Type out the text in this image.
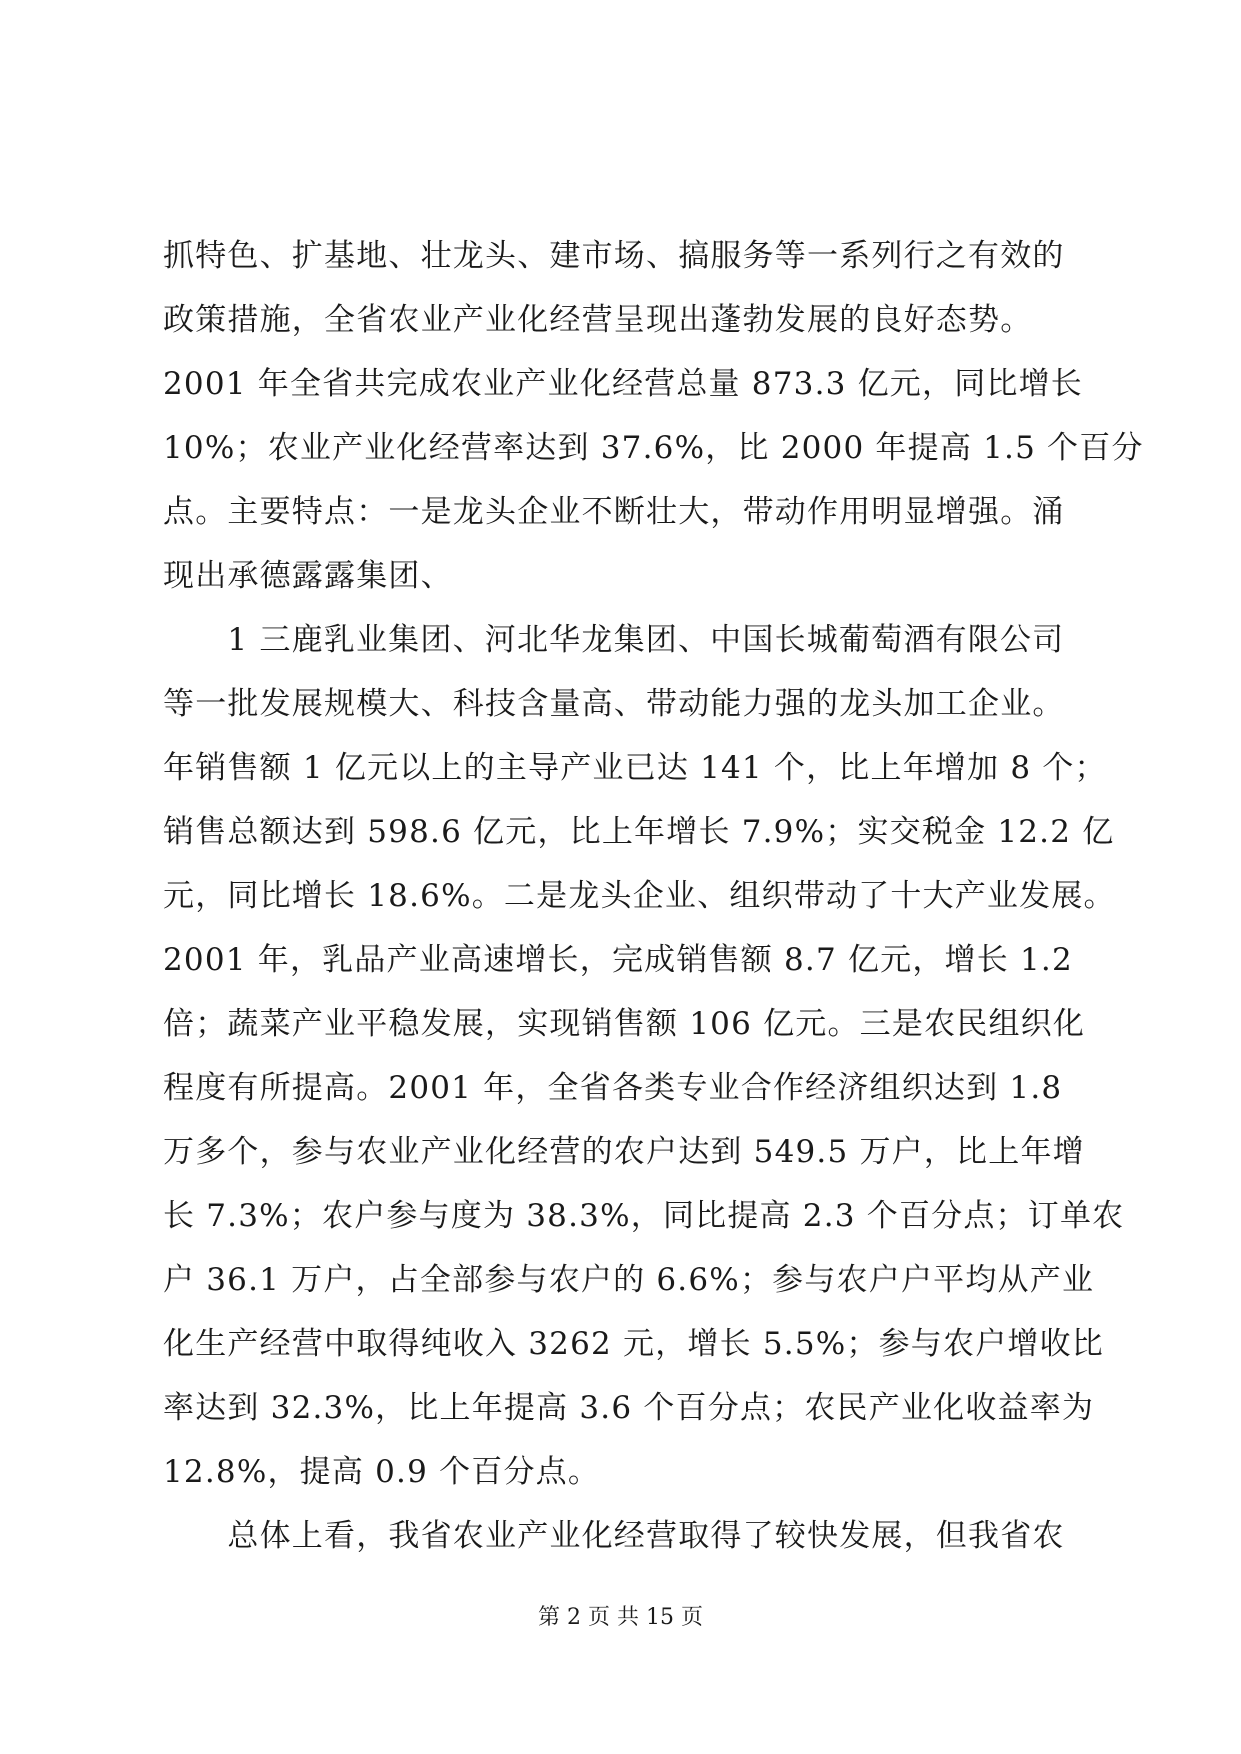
抓特色、扩基地、壮龙头、建市场、搞服务等一系列行之有效的
政策措施，全省农业产业化经营呈现出蓬勃发展的良好态势。
2001 年全省共完成农业产业化经营总量 873.3 亿元，同比增长
10%；农业产业化经营率达到 37.6%，比 2000 年提高 1.5 个百分
点。主要特点：一是龙头企业不断壮大，带动作用明显增强。涌
现出承德露露集团、
　　1 三鹿乳业集团、河北华龙集团、中国长城葡萄酒有限公司
等一批发展规模大、科技含量高、带动能力强的龙头加工企业。
年销售额 1 亿元以上的主导产业已达 141 个，比上年增加 8 个；
销售总额达到 598.6 亿元，比上年增长 7.9%；实交税金 12.2 亿
元，同比增长 18.6%。二是龙头企业、组织带动了十大产业发展。
2001 年，乳品产业高速增长，完成销售额 8.7 亿元，增长 1.2
倍；蔬菜产业平稳发展，实现销售额 106 亿元。三是农民组织化
程度有所提高。2001 年，全省各类专业合作经济组织达到 1.8
万多个，参与农业产业化经营的农户达到 549.5 万户，比上年增
长 7.3%；农户参与度为 38.3%，同比提高 2.3 个百分点；订单农
户 36.1 万户，占全部参与农户的 6.6%；参与农户户平均从产业
化生产经营中取得纯收入 3262 元，增长 5.5%；参与农户增收比
率达到 32.3%，比上年提高 3.6 个百分点；农民产业化收益率为
12.8%，提高 0.9 个百分点。
　　总体上看，我省农业产业化经营取得了较快发展，但我省农
第 2 页 共 15 页
